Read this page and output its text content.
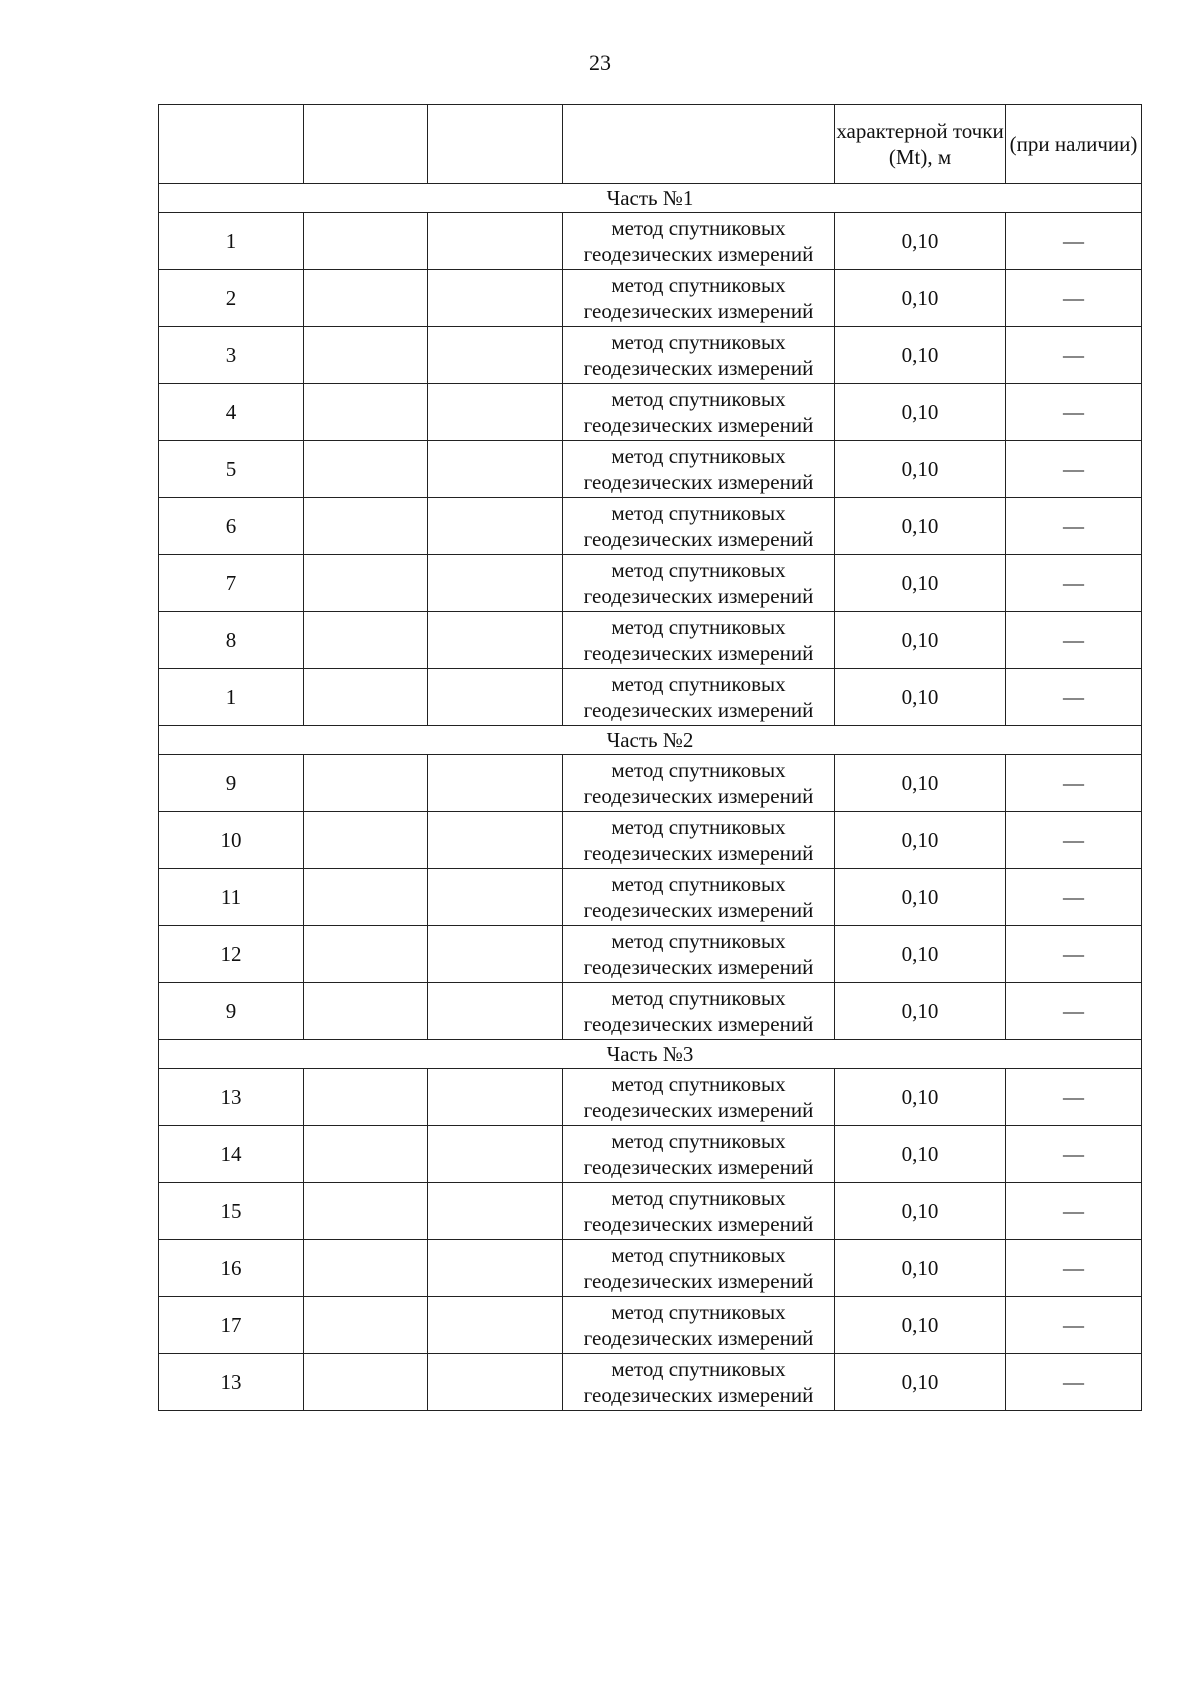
23
				характерной точки (Mt), м	(при наличии)
Часть №1					
1			метод спутниковых
геодезических измерений	0,10	—
2			метод спутниковых
геодезических измерений	0,10	—
3			метод спутниковых
геодезических измерений	0,10	—
4			метод спутниковых
геодезических измерений	0,10	—
5			метод спутниковых
геодезических измерений	0,10	—
6			метод спутниковых
геодезических измерений	0,10	—
7			метод спутниковых
геодезических измерений	0,10	—
8			метод спутниковых
геодезических измерений	0,10	—
1			метод спутниковых
геодезических измерений	0,10	—
Часть №2					
9			метод спутниковых
геодезических измерений	0,10	—
10			метод спутниковых
геодезических измерений	0,10	—
11			метод спутниковых
геодезических измерений	0,10	—
12			метод спутниковых
геодезических измерений	0,10	—
9			метод спутниковых
геодезических измерений	0,10	—
Часть №3					
13			метод спутниковых
геодезических измерений	0,10	—
14			метод спутниковых
геодезических измерений	0,10	—
15			метод спутниковых
геодезических измерений	0,10	—
16			метод спутниковых
геодезических измерений	0,10	—
17			метод спутниковых
геодезических измерений	0,10	—
13			метод спутниковых
геодезических измерений	0,10	—
